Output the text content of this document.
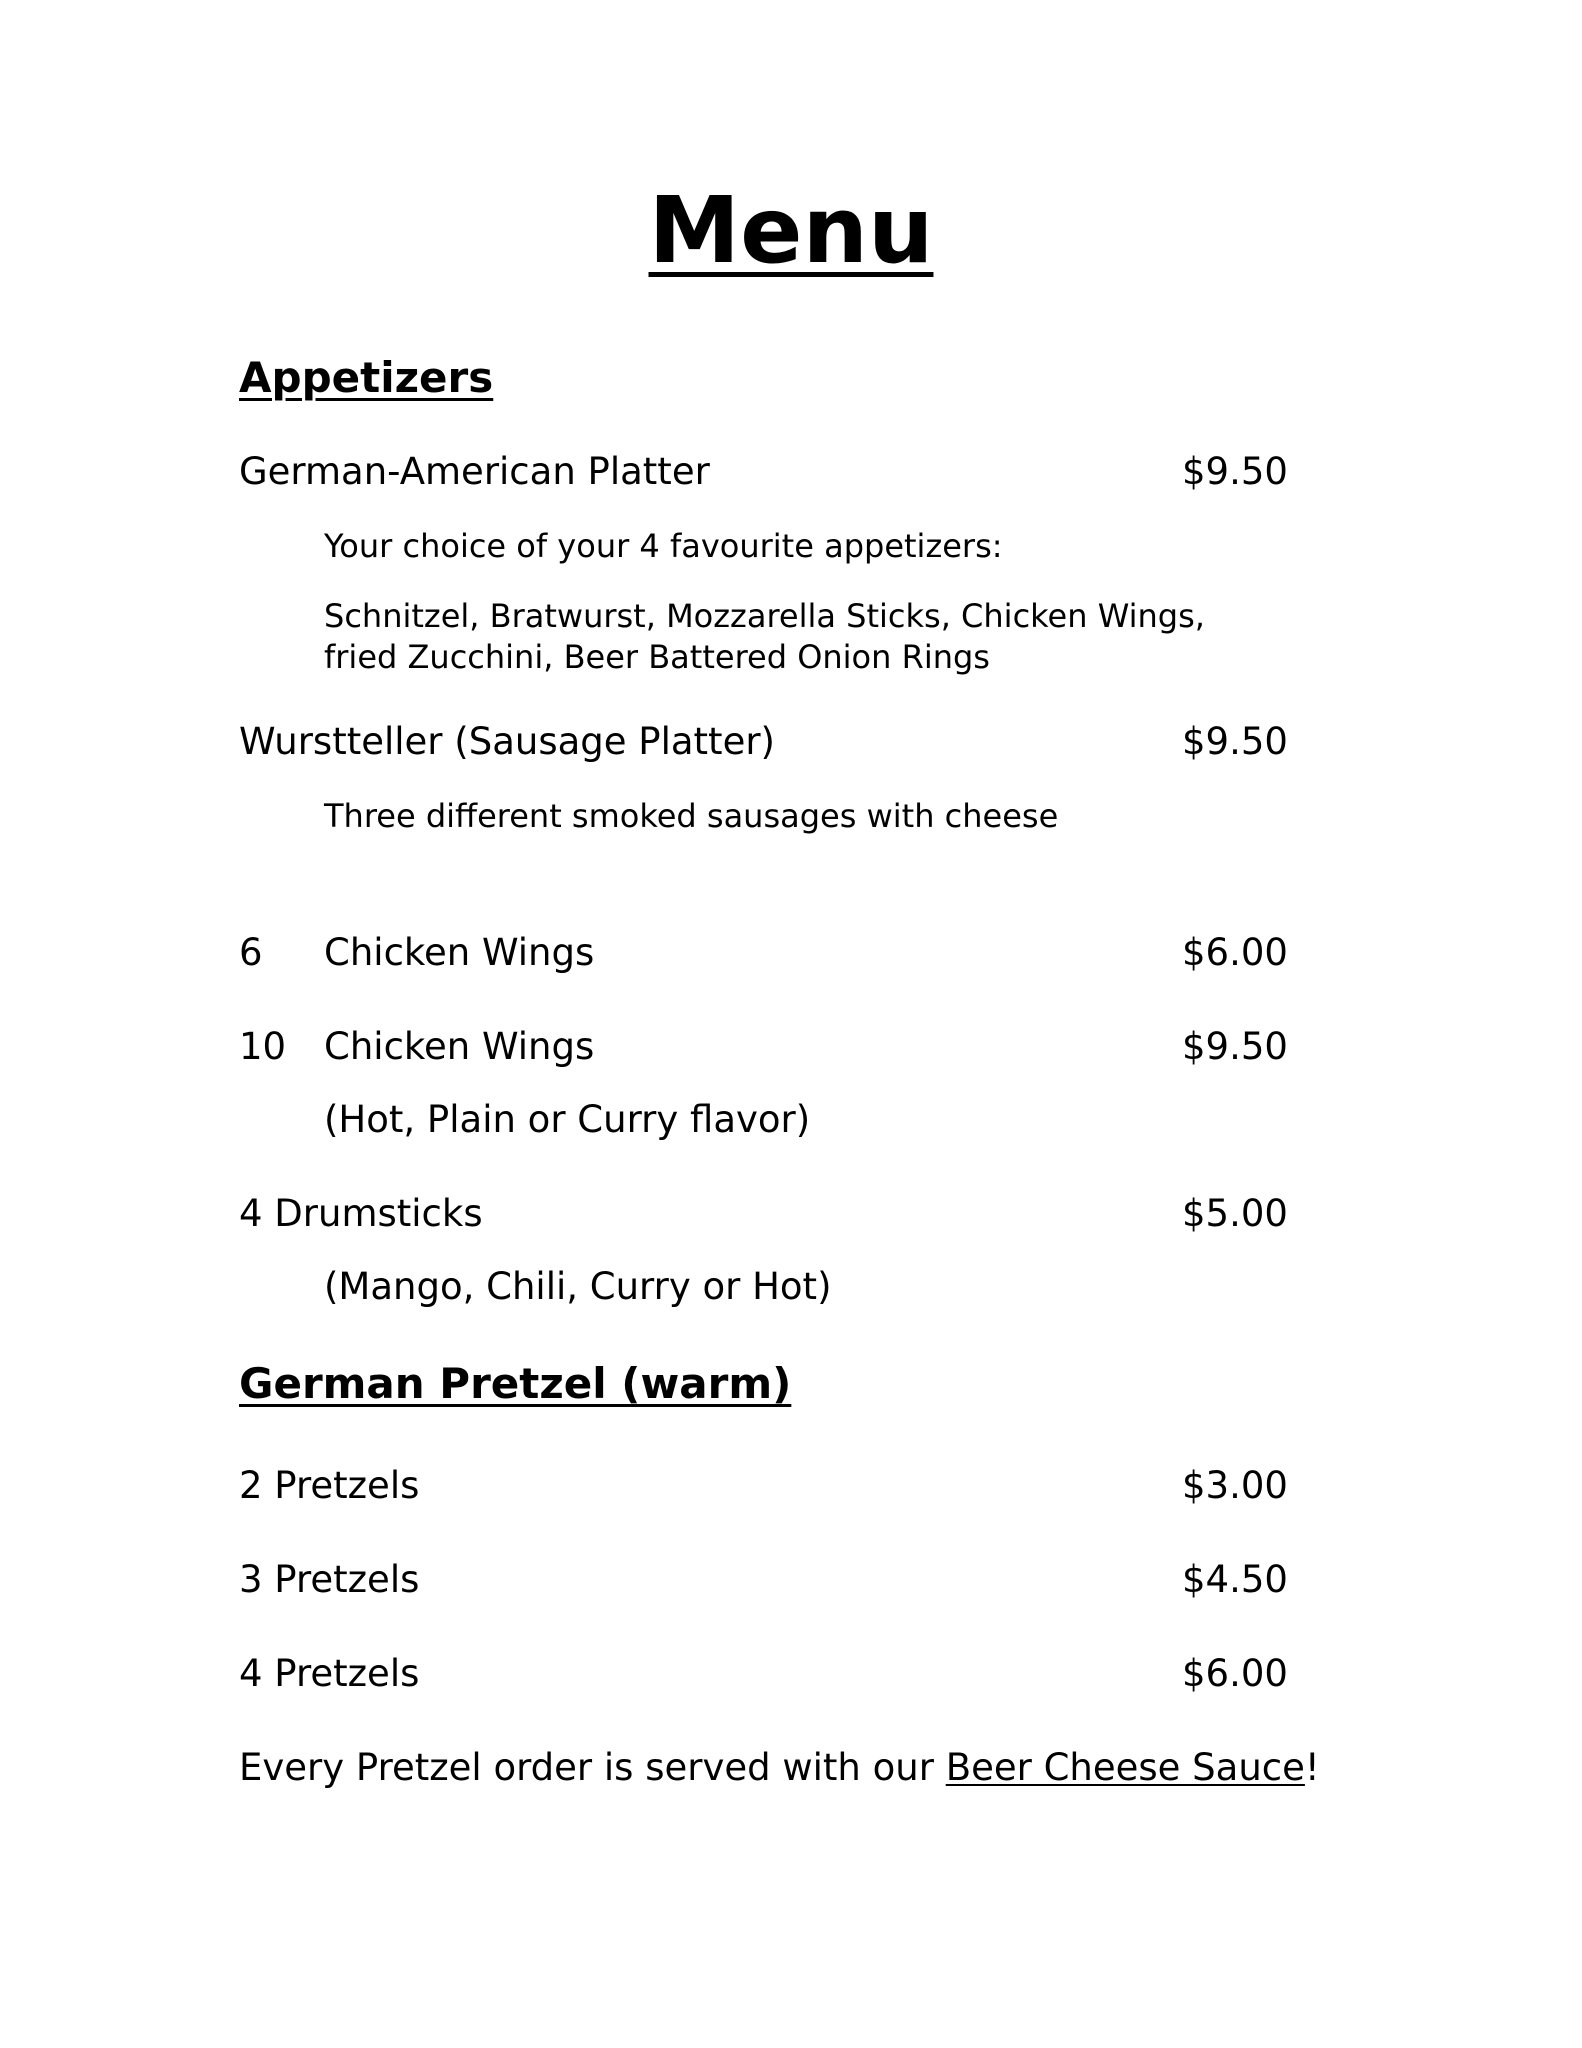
Menu
Appetizers
German-American Platter	$9.50
Your choice of your 4 favourite appetizers:
Schnitzel, Bratwurst, Mozzarella Sticks, Chicken Wings,
fried Zucchini, Beer Battered Onion Rings
Wurstteller (Sausage Platter)	$9.50
Three different smoked sausages with cheese
6 Chicken Wings	$6.00
10 Chicken Wings	$9.50
(Hot, Plain or Curry flavor)
4 Drumsticks	$5.00
(Mango, Chili, Curry or Hot)
German Pretzel (warm)
2 Pretzels	$3.00
3 Pretzels	$4.50
4 Pretzels	$6.00
Every Pretzel order is served with our Beer Cheese Sauce!
